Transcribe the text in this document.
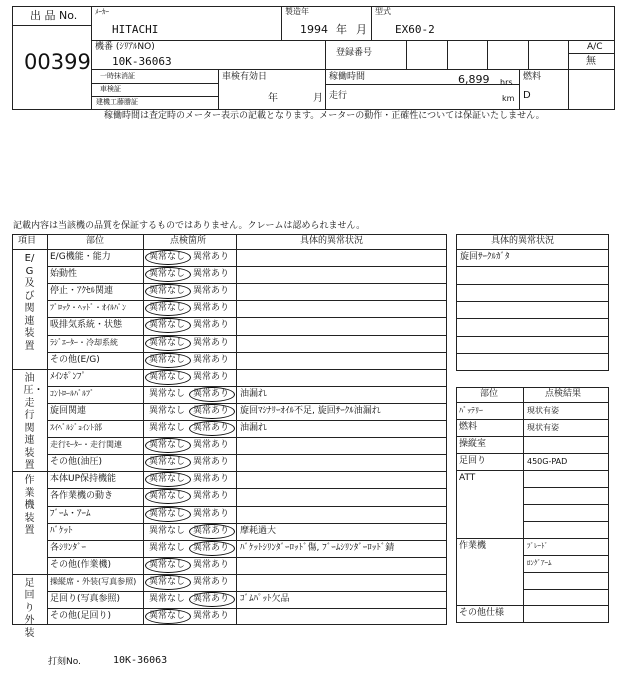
出 品 No.
00399
ﾒｰｶｰ
HITACHI
製造年
1994 年 月
型式
EX60-2
機番 (ｼﾘｱﾙNO)
10K-36063
登録番号
A/C
無
一時抹消証
車検証
建機工藤謄証
車検有効日
年	月
稼働時間	6,899 hrs
走行	km
燃料
D
稼働時間は査定時のメーター表示の記載となります。メーターの動作・正確性については保証いたしません。
記載内容は当該機の品質を保証するものではありません。クレームは認められません。
項目	部位	点検箇所	具体的異常状況
E/G及び関連装置
E/G機能・能力	異常なし 異常あり
始動性	異常なし 異常あり
停止・ｱｸｾﾙ関連	異常なし 異常あり
ﾌﾞﾛｯｸ・ﾍｯﾄﾞ・ｵｲﾙﾊﾟﾝ	異常なし 異常あり
吸排気系統・状態	異常なし 異常あり
ﾗｼﾞｴｰﾀｰ・冷却系統	異常なし 異常あり
その他(E/G)	異常なし 異常あり
油圧・走行関連装置
ﾒｲﾝﾎﾟﾝﾌﾟ	異常なし 異常あり
ｺﾝﾄﾛｰﾙﾊﾞﾙﾌﾞ	異常なし 異常あり 油漏れ
旋回関連	異常なし 異常あり 旋回ﾏｼﾅﾘｰｵｲﾙ不足, 旋回ｻｰｸﾙ油漏れ
ｽｲﾍﾞﾙｼﾞｮｲﾝﾄ部	異常なし 異常あり 油漏れ
走行ﾓｰﾀｰ・走行関連	異常なし 異常あり
その他(油圧)	異常なし 異常あり
作業機装置
本体UP保持機能	異常なし 異常あり
各作業機の動き	異常なし 異常あり
ﾌﾞｰﾑ・ｱｰﾑ	異常なし 異常あり
ﾊﾞｹｯﾄ	異常なし 異常あり 摩耗過大
各ｼﾘﾝﾀﾞｰ	異常なし 異常あり ﾊﾞｹｯﾄｼﾘﾝﾀﾞｰﾛｯﾄﾞ傷, ﾌﾞｰﾑｼﾘﾝﾀﾞｰﾛｯﾄﾞ錆
その他(作業機)	異常なし 異常あり
足回り外装
操縦席・外装(写真参照) 異常なし 異常あり
足回り(写真参照)	異常なし 異常あり ｺﾞﾑﾊﾟｯﾄ欠品
その他(足回り)	異常なし 異常あり
具体的異常状況
旋回ｻｰｸﾙｶﾞﾀ
部位	点検結果
ﾊﾞｯﾃﾘｰ	現状有姿
燃料	現状有姿
操縦室
足回り	450G-PAD
ATT
作業機	ﾌﾞﾚｰﾄﾞ
ﾛﾝｸﾞｱｰﾑ
その他仕様
打刻No.	10K-36063
